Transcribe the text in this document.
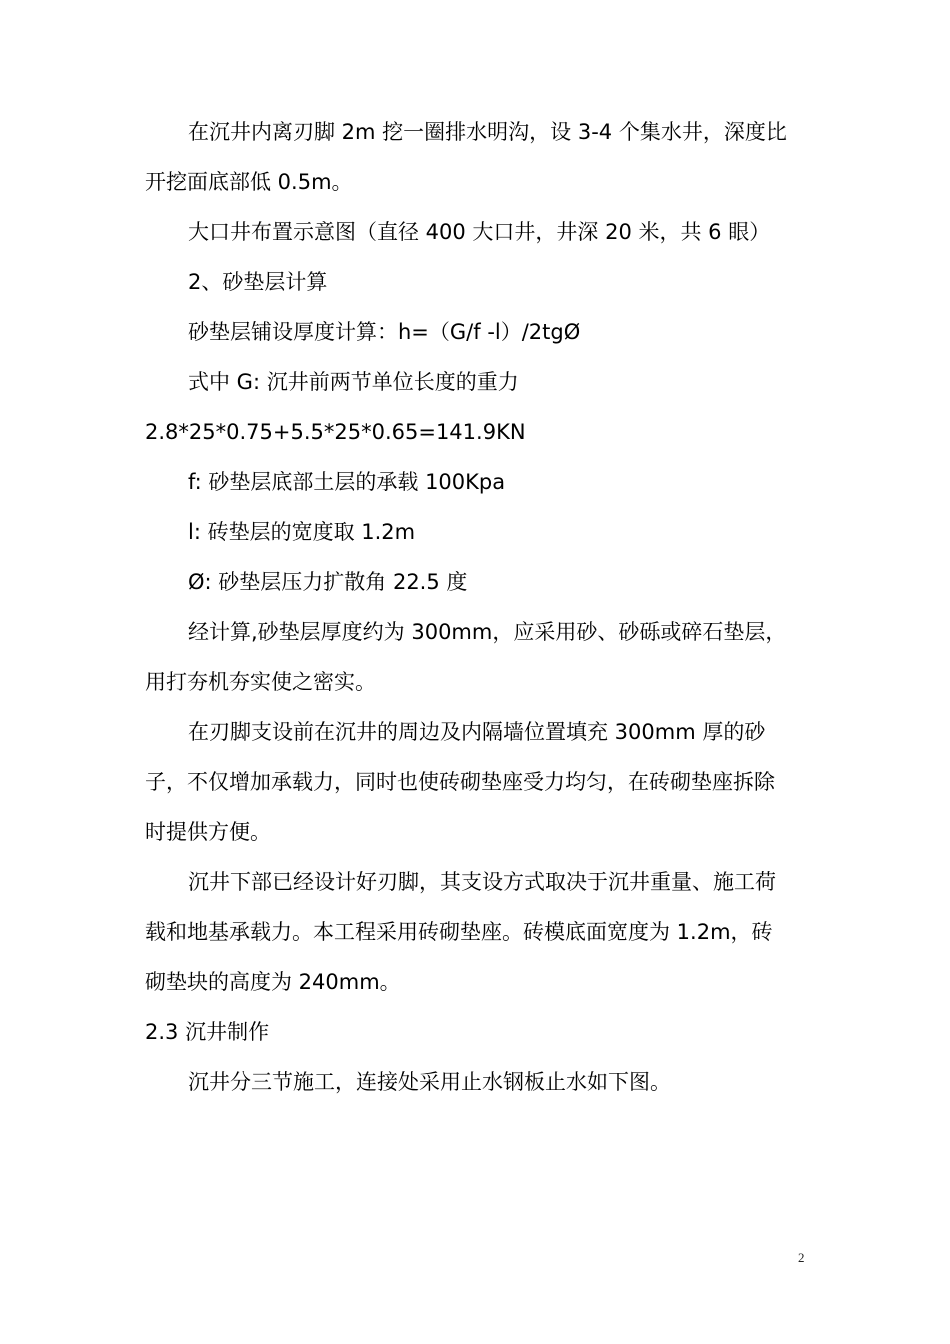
在沉井内离刃脚 2m 挖一圈排水明沟，设 3-4 个集水井，深度比
开挖面底部低 0.5m。
大口井布置示意图（直径 400 大口井，井深 20 米，共 6 眼）
2、砂垫层计算
砂垫层铺设厚度计算：h=（G/f -l）/2tgØ
式中 G: 沉井前两节单位长度的重力
2.8*25*0.75+5.5*25*0.65=141.9KN
f: 砂垫层底部土层的承载 100Kpa
l: 砖垫层的宽度取 1.2m
Ø: 砂垫层压力扩散角 22.5 度
经计算,砂垫层厚度约为 300mm，应采用砂、砂砾或碎石垫层，
用打夯机夯实使之密实。
在刃脚支设前在沉井的周边及内隔墙位置填充 300mm 厚的砂
子，不仅增加承载力，同时也使砖砌垫座受力均匀，在砖砌垫座拆除
时提供方便。
沉井下部已经设计好刃脚，其支设方式取决于沉井重量、施工荷
载和地基承载力。本工程采用砖砌垫座。砖模底面宽度为 1.2m，砖
砌垫块的高度为 240mm。
2.3 沉井制作
沉井分三节施工，连接处采用止水钢板止水如下图。
2
